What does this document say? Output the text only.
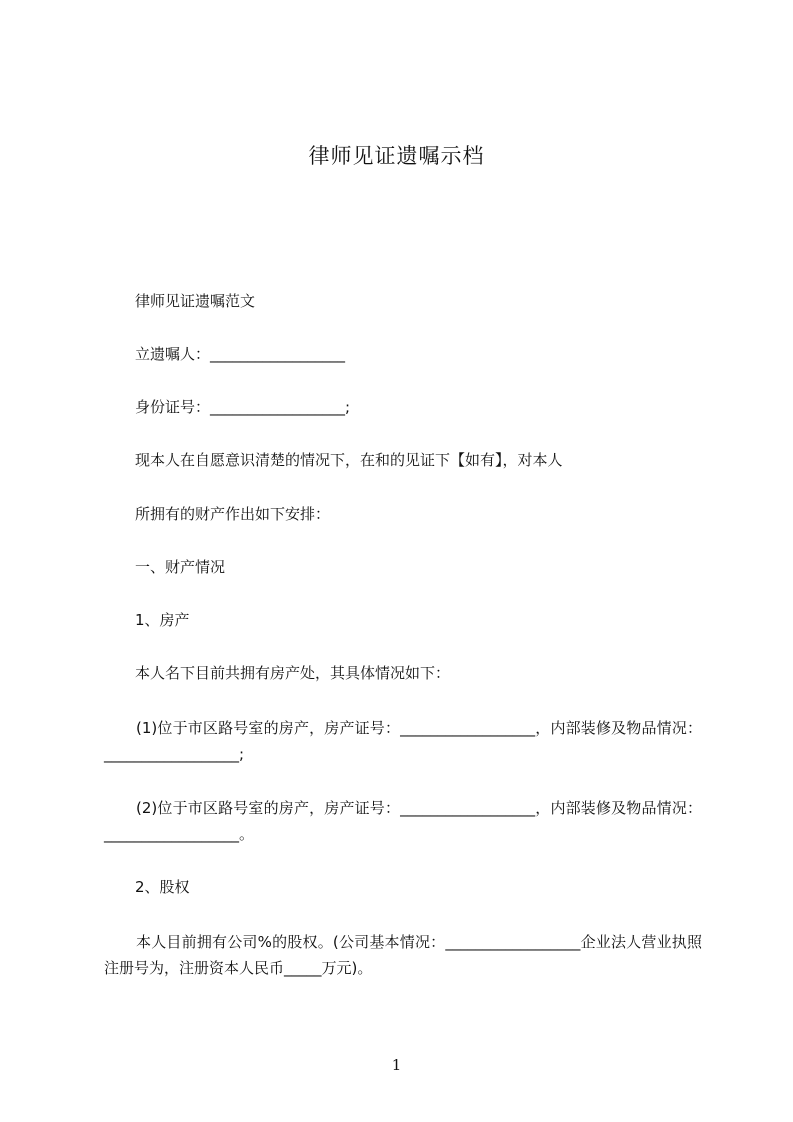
律师见证遗嘱示档
律师见证遗嘱范文
立遗嘱人：__________________
身份证号：__________________;
现本人在自愿意识清楚的情况下，在和的见证下【如有】，对本人
所拥有的财产作出如下安排：
一、财产情况
1、房产
本人名下目前共拥有房产处，其具体情况如下：
(1)位于市区路号室的房产，房产证号：__________________，内部装修及物品情况：__________________;
(2)位于市区路号室的房产，房产证号：__________________，内部装修及物品情况：__________________。
2、股权
本人目前拥有公司%的股权。(公司基本情况：__________________企业法人营业执照注册号为，注册资本人民币_____万元)。
1
